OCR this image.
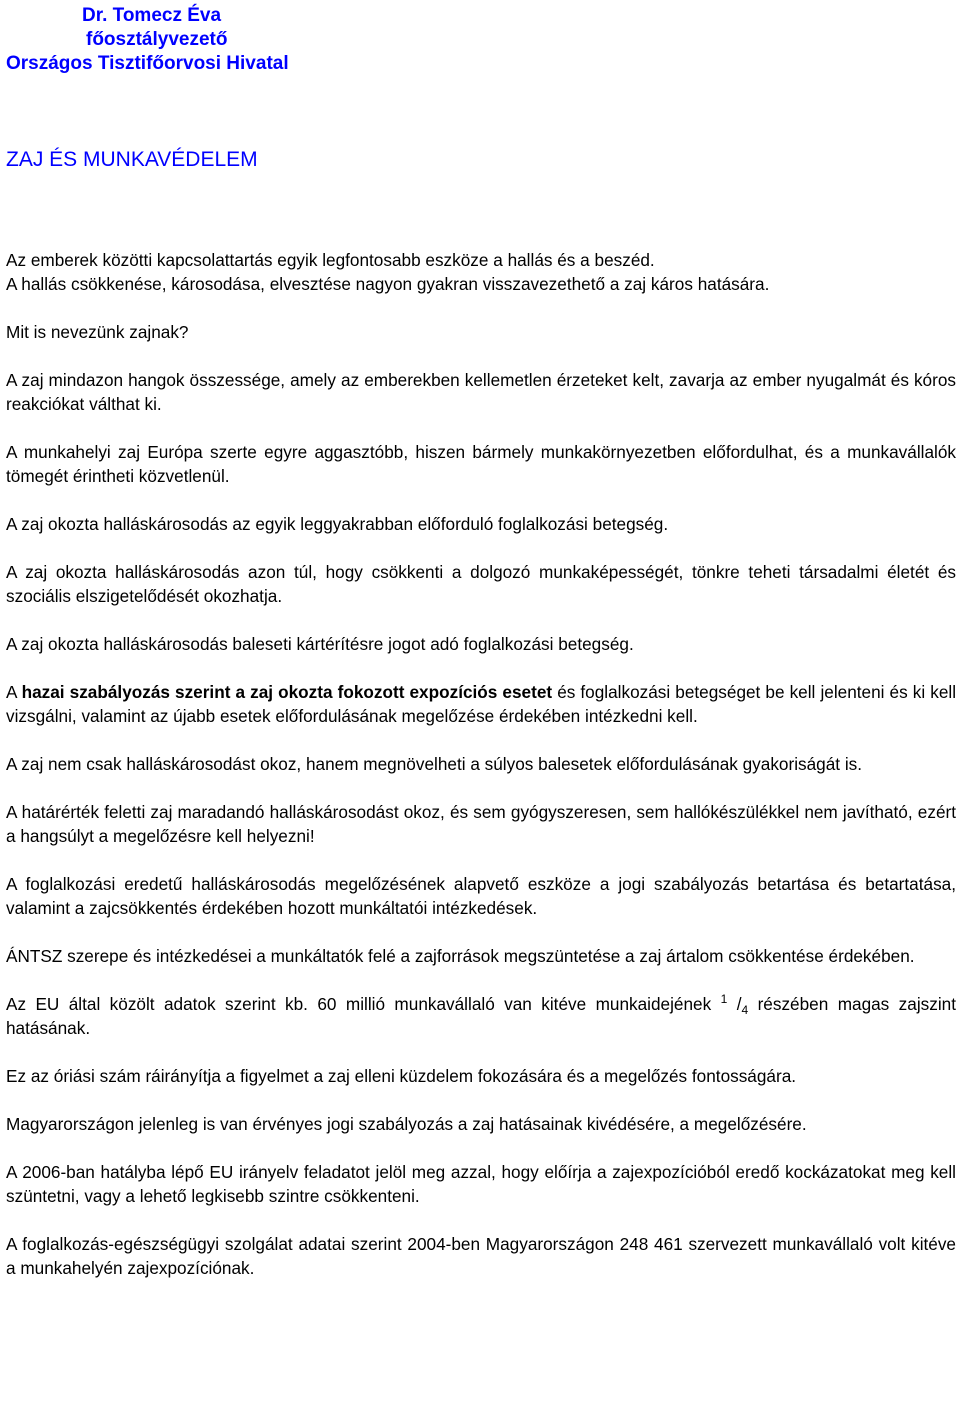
Dr. Tomecz Éva
főosztályvezető
Országos Tisztifőorvosi Hivatal
ZAJ ÉS MUNKAVÉDELEM

Az emberek közötti kapcsolattartás egyik legfontosabb eszköze a hallás és a beszéd.

A hallás csökkenése, károsodása, elvesztése nagyon gyakran visszavezethető a zaj káros hatására.

Mit is nevezünk zajnak?

A zaj mindazon hangok összessége, amely az emberekben kellemetlen érzeteket kelt, zavarja az ember nyugalmát és kóros reakciókat válthat ki.

A munkahelyi zaj Európa szerte egyre aggasztóbb, hiszen bármely munkakörnyezetben előfordulhat, és a munkavállalók tömegét érintheti közvetlenül.

A zaj okozta halláskárosodás az egyik leggyakrabban előforduló foglalkozási betegség.

A zaj okozta halláskárosodás azon túl, hogy csökkenti a dolgozó munkaképességét, tönkre teheti társadalmi életét és szociális elszigetelődését okozhatja.

A zaj okozta halláskárosodás baleseti kártérítésre jogot adó foglalkozási betegség.

A hazai szabályozás szerint a zaj okozta fokozott expozíciós esetet és foglalkozási betegséget be kell jelenteni és ki kell vizsgálni, valamint az újabb esetek előfordulásának megelőzése érdekében intézkedni kell.

A zaj nem csak halláskárosodást okoz, hanem megnövelheti a súlyos balesetek előfordulásának gyakoriságát is.

A határérték feletti zaj maradandó halláskárosodást okoz, és sem gyógyszeresen, sem hallókészülékkel nem javítható, ezért a hangsúlyt a megelőzésre kell helyezni!

A foglalkozási eredetű halláskárosodás megelőzésének alapvető eszköze a jogi szabályozás betartása és betartatása, valamint a zajcsökkentés érdekében hozott munkáltatói intézkedések.

ÁNTSZ szerepe és intézkedései a munkáltatók felé a zajforrások megszüntetése a zaj ártalom csökkentése érdekében.

Az EU által közölt adatok szerint kb. 60 millió munkavállaló van kitéve munkaidejének $^1$ $/_4$ részében magas zajszint hatásának.

Ez az óriási szám ráirányítja a figyelmet a zaj elleni küzdelem fokozására és a megelőzés fontosságára.

Magyarországon jelenleg is van érvényes jogi szabályozás a zaj hatásainak kivédésére, a megelőzésére.

A 2006-ban hatályba lépő EU irányelv feladatot jelöl meg azzal, hogy előírja a zajexpozícióból eredő kockázatokat meg kell szüntetni, vagy a lehető legkisebb szintre csökkenteni.

A foglalkozás-egészségügyi szolgálat adatai szerint 2004-ben Magyarországon 248 461 szervezett munkavállaló volt kitéve a munkahelyén zajexpozíciónak.
